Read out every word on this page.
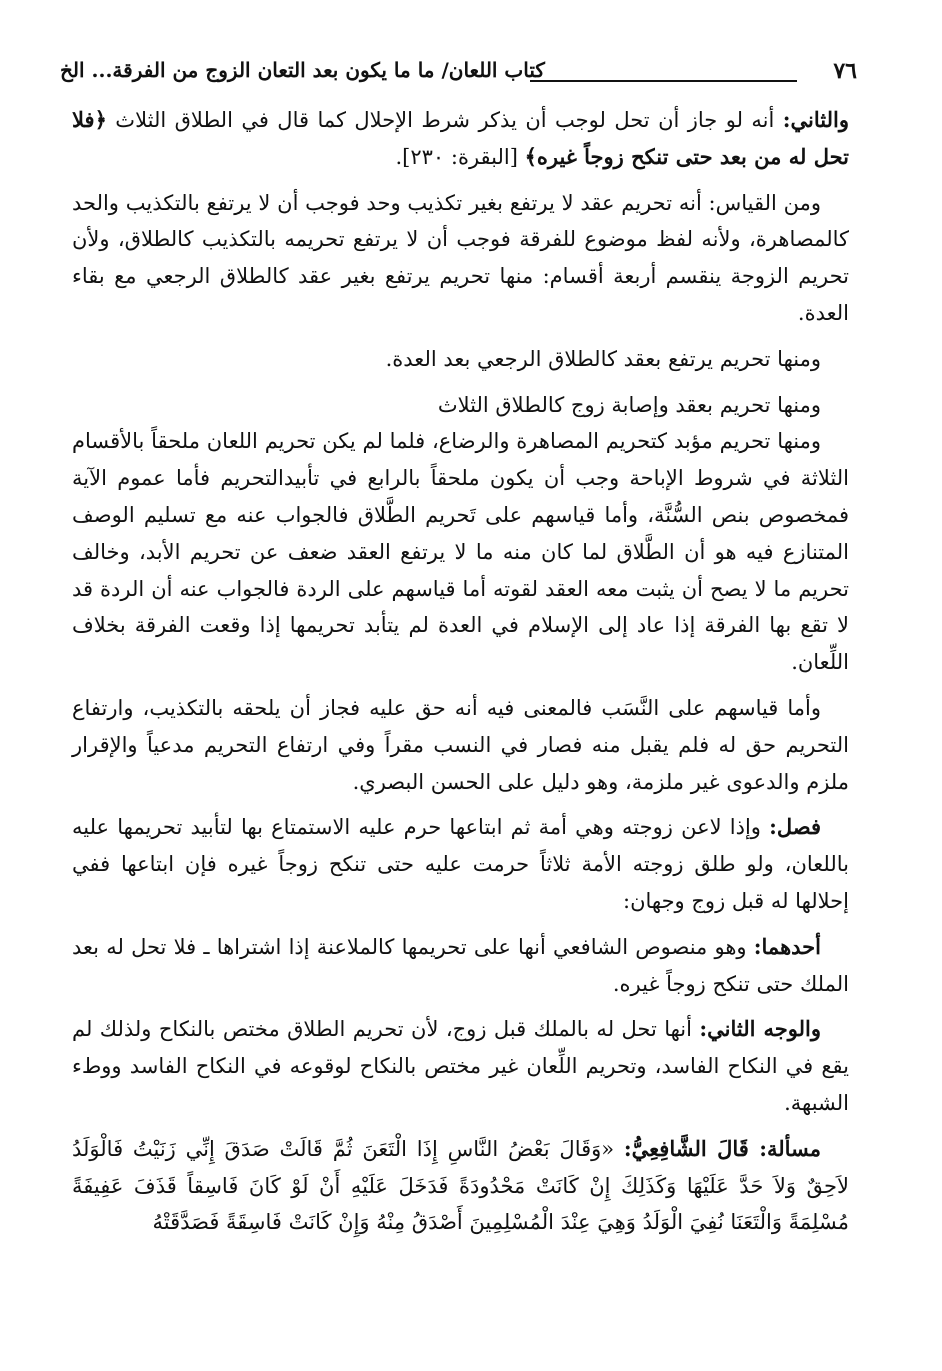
٧٦
كتاب اللعان/ ما ما يكون بعد التعان الزوج من الفرقة... الخ

والثاني: أنه لو جاز أن تحل لوجب أن يذكر شرط الإحلال كما قال في الطلاق الثلاث ﴿فلا تحل له من بعد حتى تنكح زوجاً غيره﴾ [البقرة: ٢٣٠].

ومن القياس: أنه تحريم عقد لا يرتفع بغير تكذيب وحد فوجب أن لا يرتفع بالتكذيب والحد كالمصاهرة، ولأنه لفظ موضوع للفرقة فوجب أن لا يرتفع تحريمه بالتكذيب كالطلاق، ولأن تحريم الزوجة ينقسم أربعة أقسام: منها تحريم يرتفع بغير عقد كالطلاق الرجعي مع بقاء العدة.

ومنها تحريم يرتفع بعقد كالطلاق الرجعي بعد العدة.

ومنها تحريم بعقد وإصابة زوج كالطلاق الثلاث

ومنها تحريم مؤبد كتحريم المصاهرة والرضاع، فلما لم يكن تحريم اللعان ملحقاً بالأقسام الثلاثة في شروط الإباحة وجب أن يكون ملحقاً بالرابع في تأبيدالتحريم فأما عموم الآية فمخصوص بنص السُّنَّة، وأما قياسهم على تَحريم الطَّلاق فالجواب عنه مع تسليم الوصف المتنازع فيه هو أن الطَّلاق لما كان منه ما لا يرتفع العقد ضعف عن تحريم الأبد، وخالف تحريم ما لا يصح أن يثبت معه العقد لقوته أما قياسهم على الردة فالجواب عنه أن الردة قد لا تقع بها الفرقة إذا عاد إلى الإسلام في العدة لم يتأبد تحريمها إذا وقعت الفرقة بخلاف اللِّعان.

وأما قياسهم على النَّسَب فالمعنى فيه أنه حق عليه فجاز أن يلحقه بالتكذيب، وارتفاع التحريم حق له فلم يقبل منه فصار في النسب مقراً وفي ارتفاع التحريم مدعياً والإقرار ملزم والدعوى غير ملزمة، وهو دليل على الحسن البصري.

فصل: وإذا لاعن زوجته وهي أمة ثم ابتاعها حرم عليه الاستمتاع بها لتأبيد تحريمها عليه باللعان، ولو طلق زوجته الأمة ثلاثاً حرمت عليه حتى تنكح زوجاً غيره فإن ابتاعها ففي إحلالها له قبل زوج وجهان:

أحدهما: وهو منصوص الشافعي أنها على تحريمها كالملاعنة إذا اشتراها ـ فلا تحل له بعد الملك حتى تنكح زوجاً غيره.

والوجه الثاني: أنها تحل له بالملك قبل زوج، لأن تحريم الطلاق مختص بالنكاح ولذلك لم يقع في النكاح الفاسد، وتحريم اللِّعان غير مختص بالنكاح لوقوعه في النكاح الفاسد ووطء الشبهة.

مسألة: قَالَ الشَّافِعِيُّ: «وَقَالَ بَعْضُ النَّاسِ إِذَا الْتَعَنَ ثُمَّ قَالَتْ صَدَقَ إِنِّي زَنَيْتُ فَالْوَلَدُ لاَحِقٌ وَلاَ حَدَّ عَلَيْهَا وَكَذَلِكَ إِنْ كَانَتْ مَحْدُودَةً فَدَخَلَ عَلَيْهِ أَنْ لَوْ كَانَ فَاسِقاً قَذَفَ عَفِيفَةً مُسْلِمَةً وَالْتَعَنَا نُفِيَ الْوَلَدُ وَهِيَ عِنْدَ الْمُسْلِمِينَ أَصْدَقُ مِنْهُ وَإِنْ كَانَتْ فَاسِقَةً فَصَدَّقَتْهُ
